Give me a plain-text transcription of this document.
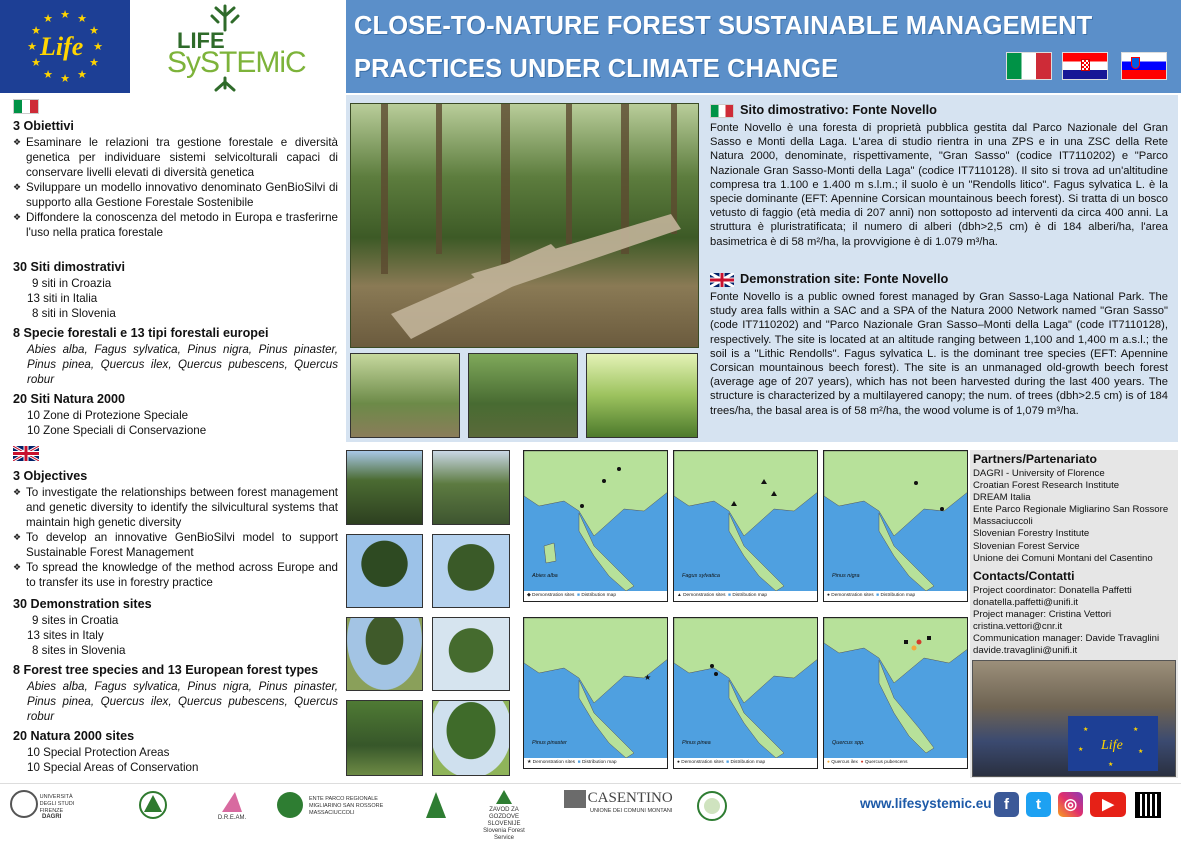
★ ★
★
★
★
★
★
★
★
★
★
★
Life	LIFE
SySTEMiC
CLOSE-TO-NATURE FOREST SUSTAINABLE MANAGEMENT
PRACTICES UNDER CLIMATE CHANGE
3 Obiettivi
❖ Esaminare le relazioni tra gestione forestale e diversità genetica per individuare sistemi selvicolturali capaci di conservare livelli elevati di diversità genetica
❖ Sviluppare un modello innovativo denominato GenBioSilvi di supporto alla Gestione Forestale Sostenibile
❖ Diffondere la conoscenza del metodo in Europa e trasferirne l'uso nella pratica forestale
30 Siti dimostrativi
9 siti in Croazia
13 siti in Italia
8 siti in Slovenia
8 Specie forestali e 13 tipi forestali europei
Abies alba, Fagus sylvatica, Pinus nigra, Pinus pinaster, Pinus pinea, Quercus ilex, Quercus pubescens, Quercus robur
20 Siti Natura 2000
10 Zone di Protezione Speciale
10 Zone Speciali di Conservazione
3 Objectives
❖ To investigate the relationships between forest management and genetic diversity to identify the silvicultural systems that maintain high genetic diversity
❖ To develop an innovative GenBioSilvi model to support Sustainable Forest Management
❖ To spread the knowledge of the method across Europe and to transfer its use in forestry practice
30 Demonstration sites
9 sites in Croatia
13 sites in Italy
8 sites in Slovenia
8 Forest tree species and 13 European forest types
Abies alba, Fagus sylvatica, Pinus nigra, Pinus pinaster, Pinus pinea, Quercus ilex, Quercus pubescens, Quercus robur
20 Natura 2000 sites
10 Special Protection Areas
10 Special Areas of Conservation
Sito dimostrativo: Fonte Novello
Fonte Novello è una foresta di proprietà pubblica gestita dal Parco Nazionale del Gran Sasso e Monti della Laga. L'area di studio rientra in una ZPS e in una ZSC della Rete Natura 2000, denominate, rispettivamente, "Gran Sasso" (codice IT7110202) e "Parco Nazionale Gran Sasso-Monti della Laga" (codice IT7110128). Il sito si trova ad un'altitudine compresa tra 1.100 e 1.400 m s.l.m.; il suolo è un "Rendolls litico". Fagus sylvatica L. è la specie dominante (EFT: Apennine Corsican mountainous beech forest). Si tratta di un bosco vetusto di faggio (età media di 207 anni) non sottoposto ad interventi da circa 400 anni. La struttura è pluristratificata; il numero di alberi (dbh>2,5 cm) è di 184 alberi/ha, l'area basimetrica è di 58 m²/ha, la provvigione è di 1.079 m³/ha.
Demonstration site: Fonte Novello
Fonte Novello is a public owned forest managed by Gran Sasso-Laga National Park. The study area falls within a SAC and a SPA of the Natura 2000 Network named "Gran Sasso" (code IT7110202) and "Parco Nazionale Gran Sasso–Monti della Laga" (code IT7110128), respectively. The site is located at an altitude ranging between 1,100 and 1,400 m a.s.l.; the soil is a "Lithic Rendolls". Fagus sylvatica L. is the dominant tree species (EFT: Apennine Corsican mountainous beech forest). The site is an unmanaged old-growth beech forest (average age of 207 years), which has not been harvested during the last 400 years. The structure is characterized by a multilayered canopy; the num. of trees (dbh>2.5 cm) is of 184 trees/ha, the basal area is of 58 m²/ha, the wood volume is of 1,079 m³/ha.
Abies alba
◆ Demonstration sites ■ Distribution map
Fagus sylvatica
▲ Demonstration sites ■ Distribution map
Pinus nigra
● Demonstration sites ■ Distribution map
★
Pinus pinaster
★ Demonstration sites ■ Distribution map
Pinus pinea
● Demonstration sites ■ Distribution map
Quercus spp.
● Quercus ilex ● Quercus pubescens
Partners/Partenariato
DAGRI - University of Florence
Croatian Forest Research Institute
DREAM Italia
Ente Parco Regionale Migliarino San Rossore
Massaciuccoli
Slovenian Forestry Institute
Slovenian Forest Service
Unione dei Comuni Montani del Casentino
Contacts/Contatti
Project coordinator: Donatella Paffetti
donatella.paffetti@unifi.it
Project manager: Cristina Vettori
cristina.vettori@cnr.it
Communication manager: Davide Travaglini
davide.travaglini@unifi.it
★	★
★	★
★
Life
UNIVERSITÀ DEGLI STUDI FIRENZE
DAGRI	D.R.E.AM.
ENTE PARCO REGIONALE MIGLIARINO SAN ROSSORE MASSACIUCCOLI	ZAVOD ZA GOZDOVE SLOVENIJE
Slovenia Forest Service
CASENTINO
UNIONE DEI COMUNI MONTANI	www.lifesystemic.eu f	t	◎	▶
